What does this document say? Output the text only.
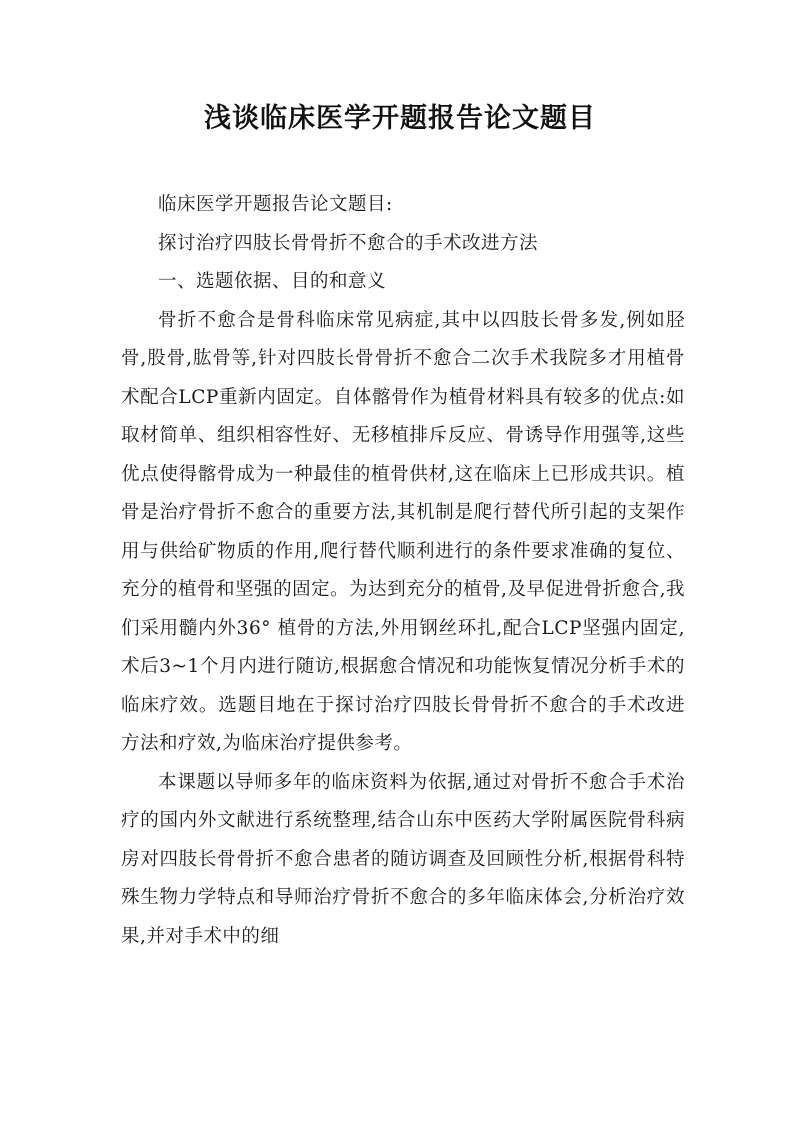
浅谈临床医学开题报告论文题目

临床医学开题报告论文题目:

探讨治疗四肢长骨骨折不愈合的手术改进方法

一、选题依据、目的和意义

骨折不愈合是骨科临床常见病症,其中以四肢长骨多发,例如胫骨,股骨,肱骨等,针对四肢长骨骨折不愈合二次手术我院多才用植骨术配合LCP重新内固定。自体髂骨作为植骨材料具有较多的优点:如取材简单、组织相容性好、无移植排斥反应、骨诱导作用强等,这些优点使得髂骨成为一种最佳的植骨供材,这在临床上已形成共识。植骨是治疗骨折不愈合的重要方法,其机制是爬行替代所引起的支架作用与供给矿物质的作用,爬行替代顺利进行的条件要求准确的复位、充分的植骨和坚强的固定。为达到充分的植骨,及早促进骨折愈合,我们采用髓内外36° 植骨的方法,外用钢丝环扎,配合LCP坚强内固定,术后3~1个月内进行随访,根据愈合情况和功能恢复情况分析手术的临床疗效。选题目地在于探讨治疗四肢长骨骨折不愈合的手术改进方法和疗效,为临床治疗提供参考。

本课题以导师多年的临床资料为依据,通过对骨折不愈合手术治疗的国内外文献进行系统整理,结合山东中医药大学附属医院骨科病房对四肢长骨骨折不愈合患者的随访调查及回顾性分析,根据骨科特殊生物力学特点和导师治疗骨折不愈合的多年临床体会,分析治疗效果,并对手术中的细
